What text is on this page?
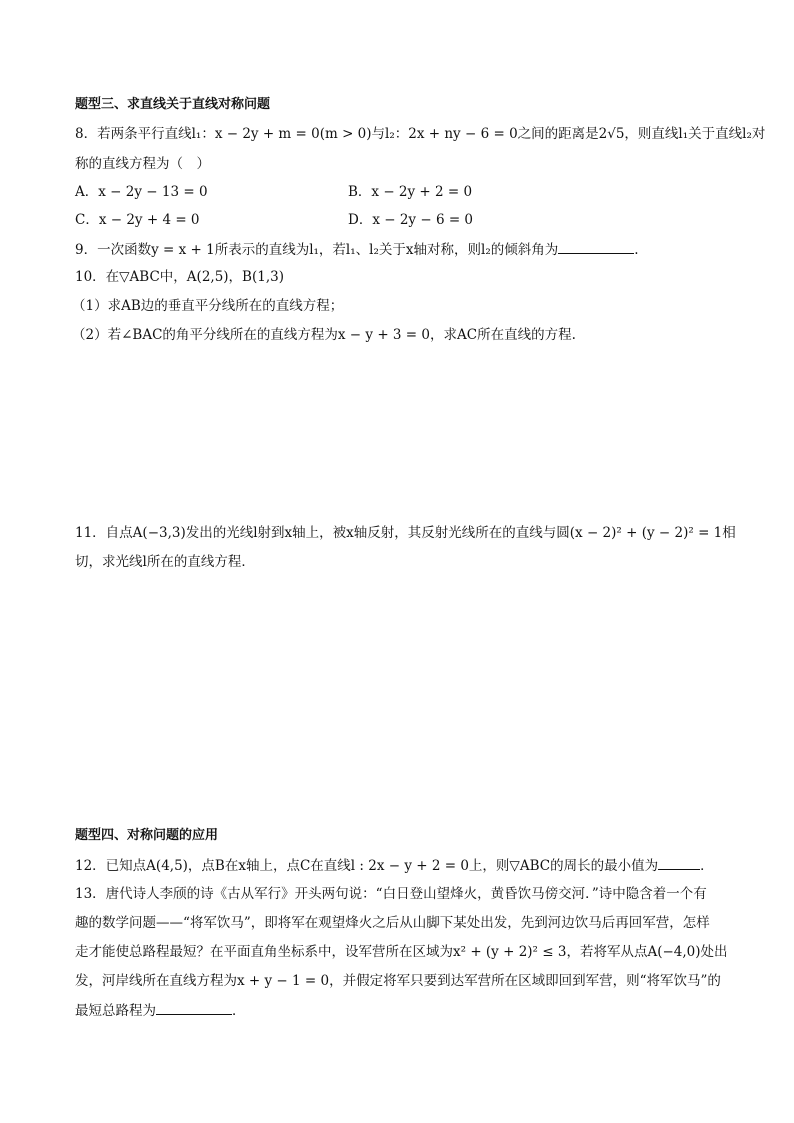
题型三、求直线关于直线对称问题
8．若两条平行直线l₁：x − 2y + m = 0(m > 0)与l₂：2x + ny − 6 = 0之间的距离是2√5，则直线l₁关于直线l₂对
称的直线方程为（　）
A．x − 2y − 13 = 0	B．x − 2y + 2 = 0
C．x − 2y + 4 = 0	D．x − 2y − 6 = 0
9．一次函数y = x + 1所表示的直线为l₁，若l₁、l₂关于x轴对称，则l₂的倾斜角为	.
10．在▽ABC中，A(2,5)，B(1,3)
（1）求AB边的垂直平分线所在的直线方程；
（2）若∠BAC的角平分线所在的直线方程为x − y + 3 = 0，求AC所在直线的方程.
11．自点A(−3,3)发出的光线l射到x轴上，被x轴反射，其反射光线所在的直线与圆(x − 2)² + (y − 2)² = 1相
切，求光线l所在的直线方程．
题型四、对称问题的应用
12．已知点A(4,5)，点B在x轴上，点C在直线l : 2x − y + 2 = 0上，则▽ABC的周长的最小值为	．
13．唐代诗人李颀的诗《古从军行》开头两句说：“白日登山望烽火，黄昏饮马傍交河．”诗中隐含着一个有
趣的数学问题——“将军饮马”，即将军在观望烽火之后从山脚下某处出发，先到河边饮马后再回军营，怎样
走才能使总路程最短？在平面直角坐标系中，设军营所在区域为x² + (y + 2)² ≤ 3，若将军从点A(−4,0)处出
发，河岸线所在直线方程为x + y − 1 = 0，并假定将军只要到达军营所在区域即回到军营，则“将军饮马”的
最短总路程为	．
